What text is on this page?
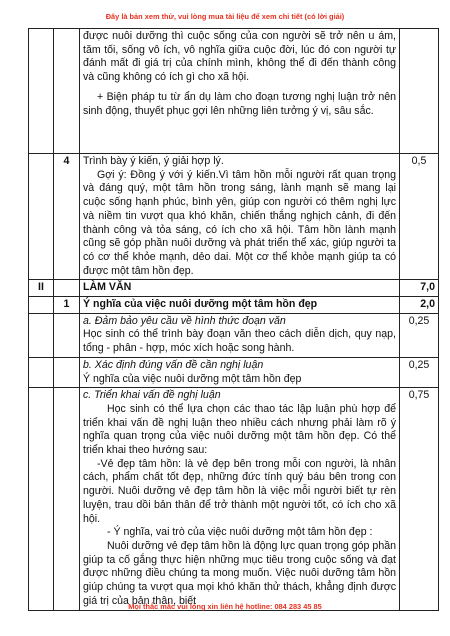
Đây là bản xem thử, vui lòng mua tài liệu để xem chi tiết (có lời giải)

		được nuôi dưỡng thì cuộc sống của con người sẽ trở nên u ám, tăm tối, sống vô ích, vô nghĩa giữa cuộc đời, lúc đó con người tự đánh mất đi giá trị của chính mình, không thể đi đến thành công và cũng không có ích gì cho xã hội.

+ Biện pháp tu từ ẩn dụ làm cho đoạn tương nghị luận trở nên sinh động, thuyết phục gợi lên những liên tưởng ý vị, sâu sắc.	

	4	Trình bày ý kiến, ý giải hợp lý.

Gợi ý: Đồng ý với ý kiến.Vì tâm hồn mỗi người rất quan trọng và đáng quý, một tâm hồn trong sáng, lành mạnh sẽ mang lại cuộc sống hạnh phúc, bình yên, giúp con người có thêm nghị lực và niềm tin vượt qua khó khăn, chiến thắng nghịch cảnh, đi đến thành công và tỏa sáng, có ích cho xã hội. Tâm hồn lành mạnh cũng sẽ góp phần nuôi dưỡng và phát triển thể xác, giúp người ta có cơ thể khỏe mạnh, dẻo dai. Một cơ thể khỏe mạnh giúp ta có được một tâm hồn đẹp.	0,5
II		LÀM VĂN	7,0
	1	Ý nghĩa của việc nuôi dưỡng một tâm hồn đẹp	2,0

		a. Đảm bảo yêu cầu về hình thức đoạn văn

Học sinh có thể trình bày đoạn văn theo cách diễn dịch, quy nạp, tổng - phân - hợp, móc xích hoặc song hành.	0,25

		b. Xác định đúng vấn đề cần nghị luận

Ý nghĩa của việc nuôi dưỡng một tâm hồn đẹp	0,25

		c. Triển khai vấn đề nghị luận

Học sinh có thể lựa chọn các thao tác lập luận phù hợp để triển khai vấn đề nghị luận theo nhiều cách nhưng phải làm rõ ý nghĩa quan trọng của việc nuôi dưỡng một tâm hồn đẹp. Có thể triển khai theo hướng sau:

-Vẻ đẹp tâm hồn: là vẻ đẹp bên trong mỗi con người, là nhân cách, phẩm chất tốt đẹp, những đức tính quý báu bên trong con người. Nuôi dưỡng vẻ đẹp tâm hồn là việc mỗi người biết tự rèn luyện, trau dồi bản thân để trở thành một người tốt, có ích cho xã hội.

- Ý nghĩa, vai trò của việc nuôi dưỡng một tâm hồn đẹp :

Nuôi dưỡng vẻ đẹp tâm hồn là động lực quan trọng góp phần giúp ta cố gắng thực hiện những mục tiêu trong cuộc sống và đạt được những điều chúng ta mong muốn. Việc nuôi dưỡng tâm hồn giúp chúng ta vượt qua mọi khó khăn thử thách, khẳng định được giá trị của bản thân, biết	0,75
Mọi thắc mắc vui lòng xin liên hệ hotline: 084 283 45 85
